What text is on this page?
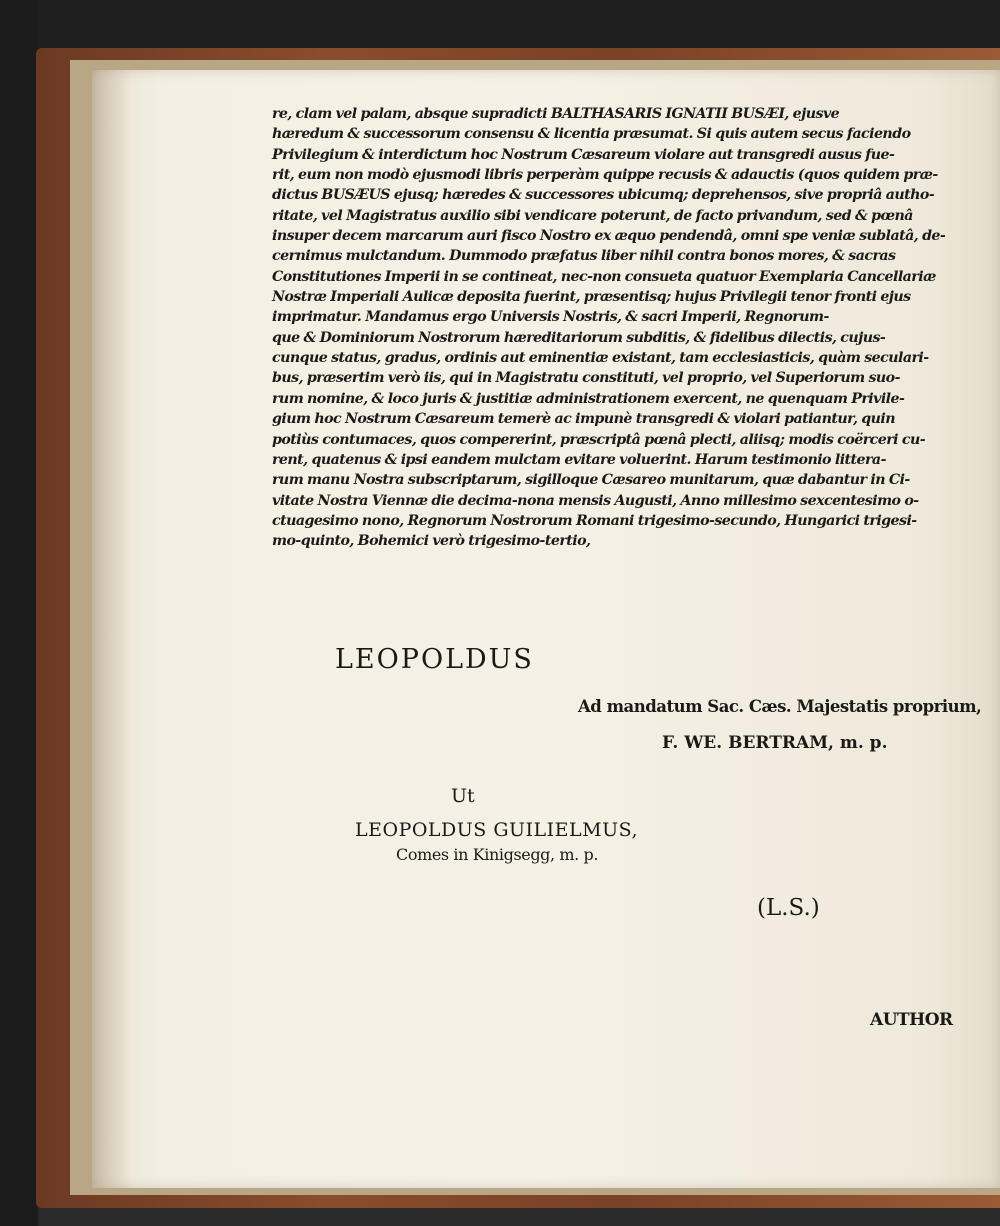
re, clam vel palam, absque supradicti BALTHASARIS IGNATII BUSÆI, ejusve
hæredum & successorum consensu & licentia præsumat. Si quis autem secus faciendo
Privilegium & interdictum hoc Nostrum Cæsareum violare aut transgredi ausus fue-
rit, eum non modò ejusmodi libris perperàm quippe recusis & adauctis (quos quidem præ-
dictus BUSÆUS ejusq; hæredes & successores ubicumq; deprehensos, sive propriâ autho-
ritate, vel Magistratus auxilio sibi vendicare poterunt, de facto privandum, sed & pœnâ
insuper decem marcarum auri fisco Nostro ex æquo pendendâ, omni spe veniæ sublatâ, de-
cernimus mulctandum. Dummodo præfatus liber nihil contra bonos mores, & sacras
Constitutiones Imperii in se contineat, nec-non consueta quatuor Exemplaria Cancellariæ
Nostræ Imperiali Aulicæ deposita fuerint, præsentisq; hujus Privilegii tenor fronti ejus
imprimatur. Mandamus ergo Universis Nostris, & sacri Imperii, Regnorum-
que & Dominiorum Nostrorum hæreditariorum subditis, & fidelibus dilectis, cujus-
cunque status, gradus, ordinis aut eminentiæ existant, tam ecclesiasticis, quàm seculari-
bus, præsertim verò iis, qui in Magistratu constituti, vel proprio, vel Superiorum suo-
rum nomine, & loco juris & justitiæ administrationem exercent, ne quenquam Privile-
gium hoc Nostrum Cæsareum temerè ac impunè transgredi & violari patiantur, quin
potiùs contumaces, quos compererint, præscriptâ pœnâ plecti, aliisq; modis coërceri cu-
rent, quatenus & ipsi eandem mulctam evitare voluerint. Harum testimonio littera-
rum manu Nostra subscriptarum, sigilloque Cæsareo munitarum, quæ dabantur in Ci-
vitate Nostra Viennæ die decima-nona mensis Augusti, Anno millesimo sexcentesimo o-
ctuagesimo nono, Regnorum Nostrorum Romani trigesimo-secundo, Hungarici trigesi-
mo-quinto, Bohemici verò trigesimo-tertio,
LEOPOLDUS
Ad mandatum Sac. Cæs. Majestatis proprium,
F. WE. BERTRAM, m. p.
Ut
LEOPOLDUS GUILIELMUS,
Comes in Kinigsegg, m. p.
(L.S.)
AUTHOR
